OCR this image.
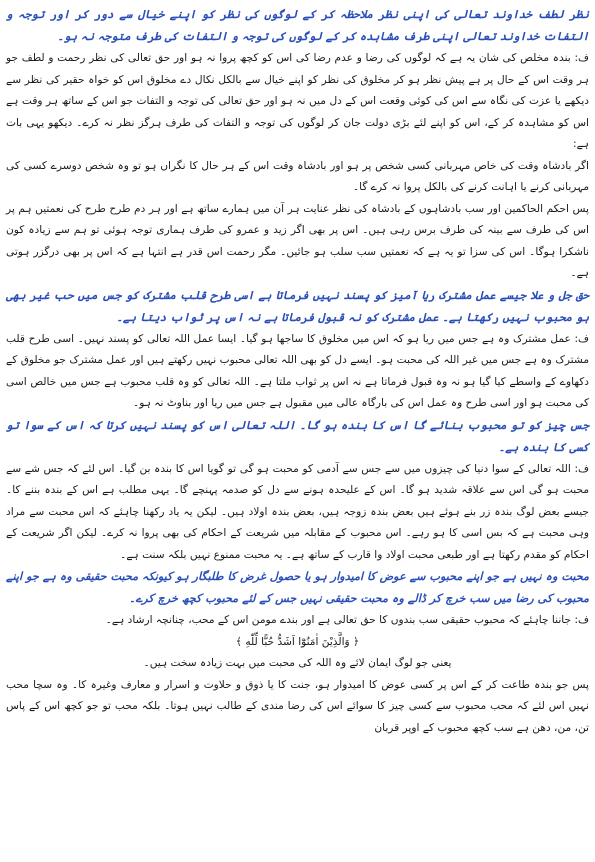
نظر لطف خداوند تعالی کی اپنی نظر ملاحظہ کر کے لوگوں کی نظر کو اپنے خیال سے دور کر اور توجہ و التفات خداوند تعالی اپنی طرف مشاہدہ کر کے لوگوں کی توجہ و التفات کی طرف متوجہ نہ ہو۔

ف: بندہ مخلص کی شان یہ ہے کہ لوگوں کی رضا و عدم رضا کی اس کو کچھ پروا نہ ہو اور حق تعالی کی نظر رحمت و لطف جو ہر وقت اس کے حال پر ہے پیش نظر ہو کر مخلوق کی نظر کو اپنے خیال سے بالکل نکال دے مخلوق اس کو خواہ حقیر کی نظر سے دیکھے یا عزت کی نگاہ سے اس کی کوئی وقعت اس کے دل میں نہ ہو اور حق تعالی کی توجہ و التفات جو اس کے ساتھ ہر وقت ہے اس کو مشاہدہ کر کے، اس کو اپنے لئے بڑی دولت جان کر لوگوں کی توجہ و التفات کی طرف ہرگز نظر نہ کرے۔ دیکھو یہی بات ہے:

اگر بادشاہ وقت کی خاص مہربانی کسی شخص پر ہو اور بادشاہ وقت اس کے ہر حال کا نگراں ہو تو وہ شخص دوسرے کسی کی مہربانی کرنے یا اہانت کرنے کی بالکل پروا نہ کرے گا۔

پس احکم الحاکمین اور سب بادشاہوں کے بادشاہ کی نظر عنایت ہر آن میں ہمارے ساتھ ہے اور ہر دم طرح طرح کی نعمتیں ہم پر اس کی طرف سے بینہ کی طرف برس رہی ہیں۔ اس پر بھی اگر زید و عمرو کی طرف ہماری توجہ ہوئی تو ہم سے زیادہ کون ناشکرا ہوگا۔ اس کی سزا تو یہ ہے کہ نعمتیں سب سلب ہو جائیں۔ مگر رحمت اس قدر ہے انتہا ہے کہ اس پر بھی درگزر ہوتی ہے۔

حق جل و علا جیسے عمل مشترک ریا آمیز کو پسند نہیں فرماتا ہے اسی طرح قلب مشترک کو جس میں حب غیر بھی ہو محبوب نہیں رکھتا ہے۔ عمل مشترک کو نہ قبول فرماتا ہے نہ اس پر ثواب دیتا ہے۔

ف: عمل مشترک وہ ہے جس میں ریا ہو کہ اس میں مخلوق کا ساجھا ہو گیا۔ ایسا عمل اللہ تعالی کو پسند نہیں۔ اسی طرح قلب مشترک وہ ہے جس میں غیر اللہ کی محبت ہو۔ ایسے دل کو بھی اللہ تعالی محبوب نہیں رکھتے ہیں اور عمل مشترک جو مخلوق کے دکھاوے کے واسطے کیا گیا ہو نہ وہ قبول فرماتا ہے نہ اس پر ثواب ملتا ہے۔ اللہ تعالی کو وہ قلب محبوب ہے جس میں خالص اسی کی محبت ہو اور اسی طرح وہ عمل اس کی بارگاہ عالی میں مقبول ہے جس میں ریا اور بناوٹ نہ ہو۔

جس چیز کو تو محبوب بنائے گا اس کا بندہ ہو گا۔ اللہ تعالی اس کو پسند نہیں کرتا کہ اس کے سوا تو کسی کا بندہ ہے۔

ف: اللہ تعالی کے سوا دنیا کی چیزوں میں سے جس سے آدمی کو محبت ہو گی تو گویا اس کا بندہ بن گیا۔ اس لئے کہ جس شے سے محبت ہو گی اس سے علاقہ شدید ہو گا۔ اس کے علیحدہ ہونے سے دل کو صدمہ پہنچے گا۔ یہی مطلب ہے اس کے بندہ بننے کا۔ جیسے بعض لوگ بندہ زر بنے ہوئے ہیں بعض بندہ زوجہ ہیں، بعض بندہ اولاد ہیں۔ لیکن یہ یاد رکھنا چاہئے کہ اس محبت سے مراد وہی محبت ہے کہ بس اسی کا ہو رہے۔ اس محبوب کے مقابلہ میں شریعت کے احکام کی بھی پروا نہ کرے۔ لیکن اگر شریعت کے احکام کو مقدم رکھتا ہے اور طبعی محبت اولاد وا قارب کے ساتھ ہے۔ یہ محبت ممنوع نہیں بلکہ سنت ہے۔

محبت وہ نہیں ہے جو اپنے محبوب سے عوض کا امیدوار ہو یا حصول غرض کا طلبگار ہو کیونکہ محبت حقیقی وہ ہے جو اپنے محبوب کی رضا میں سب خرچ کر ڈالے وہ محبت حقیقی نہیں جس کے لئے محبوب کچھ خرچ کرے۔

ف: جاننا چاہئے کہ محبوب حقیقی سب بندوں کا حق تعالی ہے اور بندے مومن اس کے محب، چنانچہ ارشاد ہے۔

﴿ وَالَّذِيْنَ اٰمَنُوْٓا اَشَدُّ حُبًّا لِّلّٰهِ ﴾

یعنی جو لوگ ایمان لائے وہ اللہ کی محبت میں بہت زیادہ سخت ہیں۔

پس جو بندہ طاعت کر کے اس پر کسی عوض کا امیدوار ہو، جنت کا یا ذوق و حلاوت و اسرار و معارف وغیرہ کا۔ وہ سچا محب نہیں اس لئے کہ محب محبوب سے کسی چیز کا سوائے اس کی رضا مندی کے طالب نہیں ہوتا۔ بلکہ محب تو جو کچھ اس کے پاس تن، من، دھن ہے سب کچھ محبوب کے اوپر قربان
